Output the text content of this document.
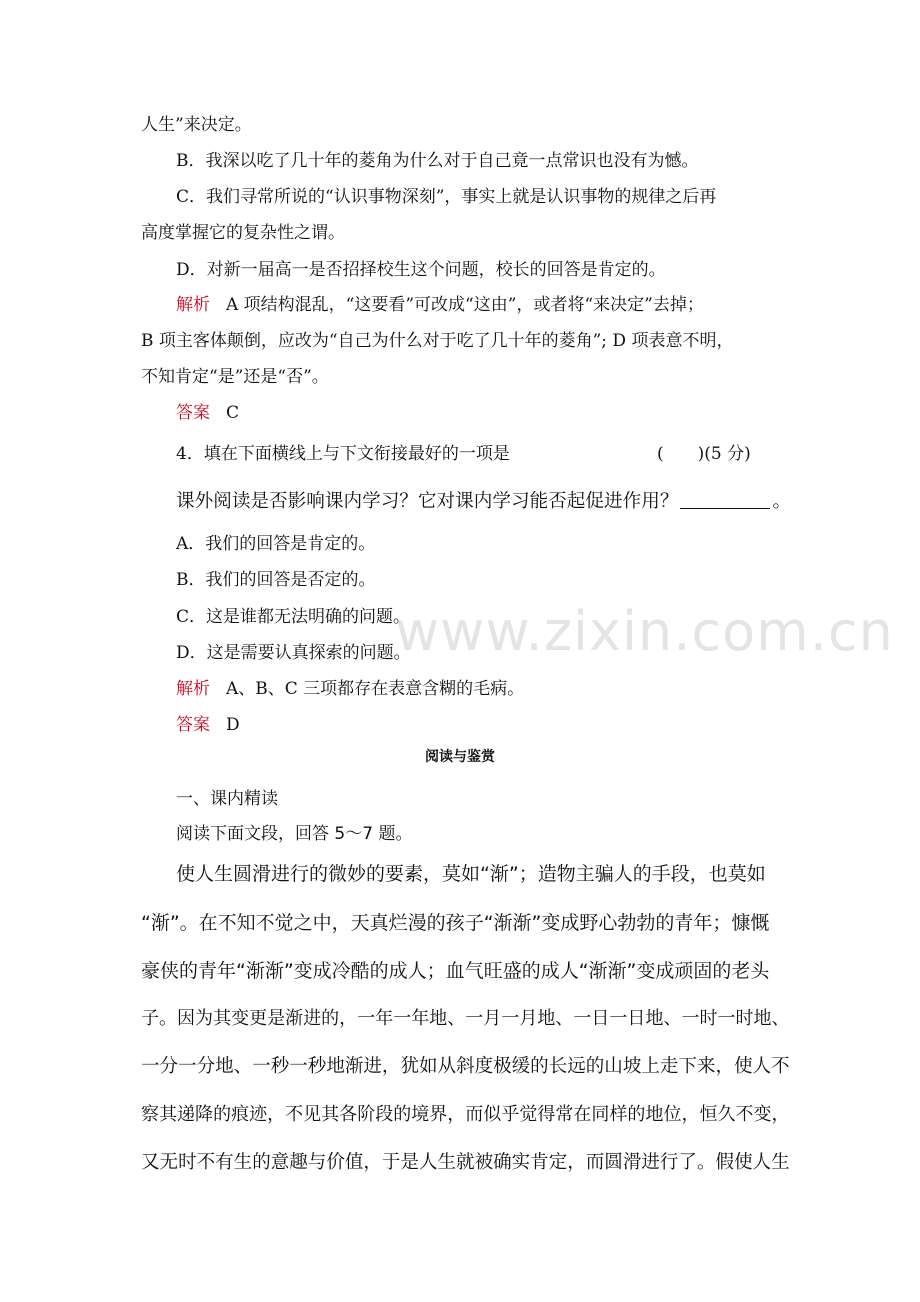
www.zixin.com.cn
人生”来决定。
B．我深以吃了几十年的菱角为什么对于自己竟一点常识也没有为憾。
C．我们寻常所说的“认识事物深刻”，事实上就是认识事物的规律之后再
高度掌握它的复杂性之谓。
D．对新一届高一是否招择校生这个问题，校长的回答是肯定的。
解析 A 项结构混乱，“这要看”可改成“这由”，或者将“来决定”去掉；
B 项主客体颠倒，应改为“自己为什么对于吃了几十年的菱角”; D 项表意不明，
不知肯定“是”还是“否”。
答案 C
4．填在下面横线上与下文衔接最好的一项是	(　　)(5 分)
课外阅读是否影响课内学习？它对课内学习能否起促进作用？	。
A．我们的回答是肯定的。
B．我们的回答是否定的。
C．这是谁都无法明确的问题。
D．这是需要认真探索的问题。
解析 A、B、C 三项都存在表意含糊的毛病。
答案 D
阅读与鉴赏
一、课内精读
阅读下面文段，回答 5～7 题。
使人生圆滑进行的微妙的要素，莫如“渐”；造物主骗人的手段，也莫如
“渐”。在不知不觉之中，天真烂漫的孩子“渐渐”变成野心勃勃的青年；慷慨
豪侠的青年“渐渐”变成冷酷的成人；血气旺盛的成人“渐渐”变成顽固的老头
子。因为其变更是渐进的，一年一年地、一月一月地、一日一日地、一时一时地、
一分一分地、一秒一秒地渐进，犹如从斜度极缓的长远的山坡上走下来，使人不
察其递降的痕迹，不见其各阶段的境界，而似乎觉得常在同样的地位，恒久不变，
又无时不有生的意趣与价值，于是人生就被确实肯定，而圆滑进行了。假使人生
